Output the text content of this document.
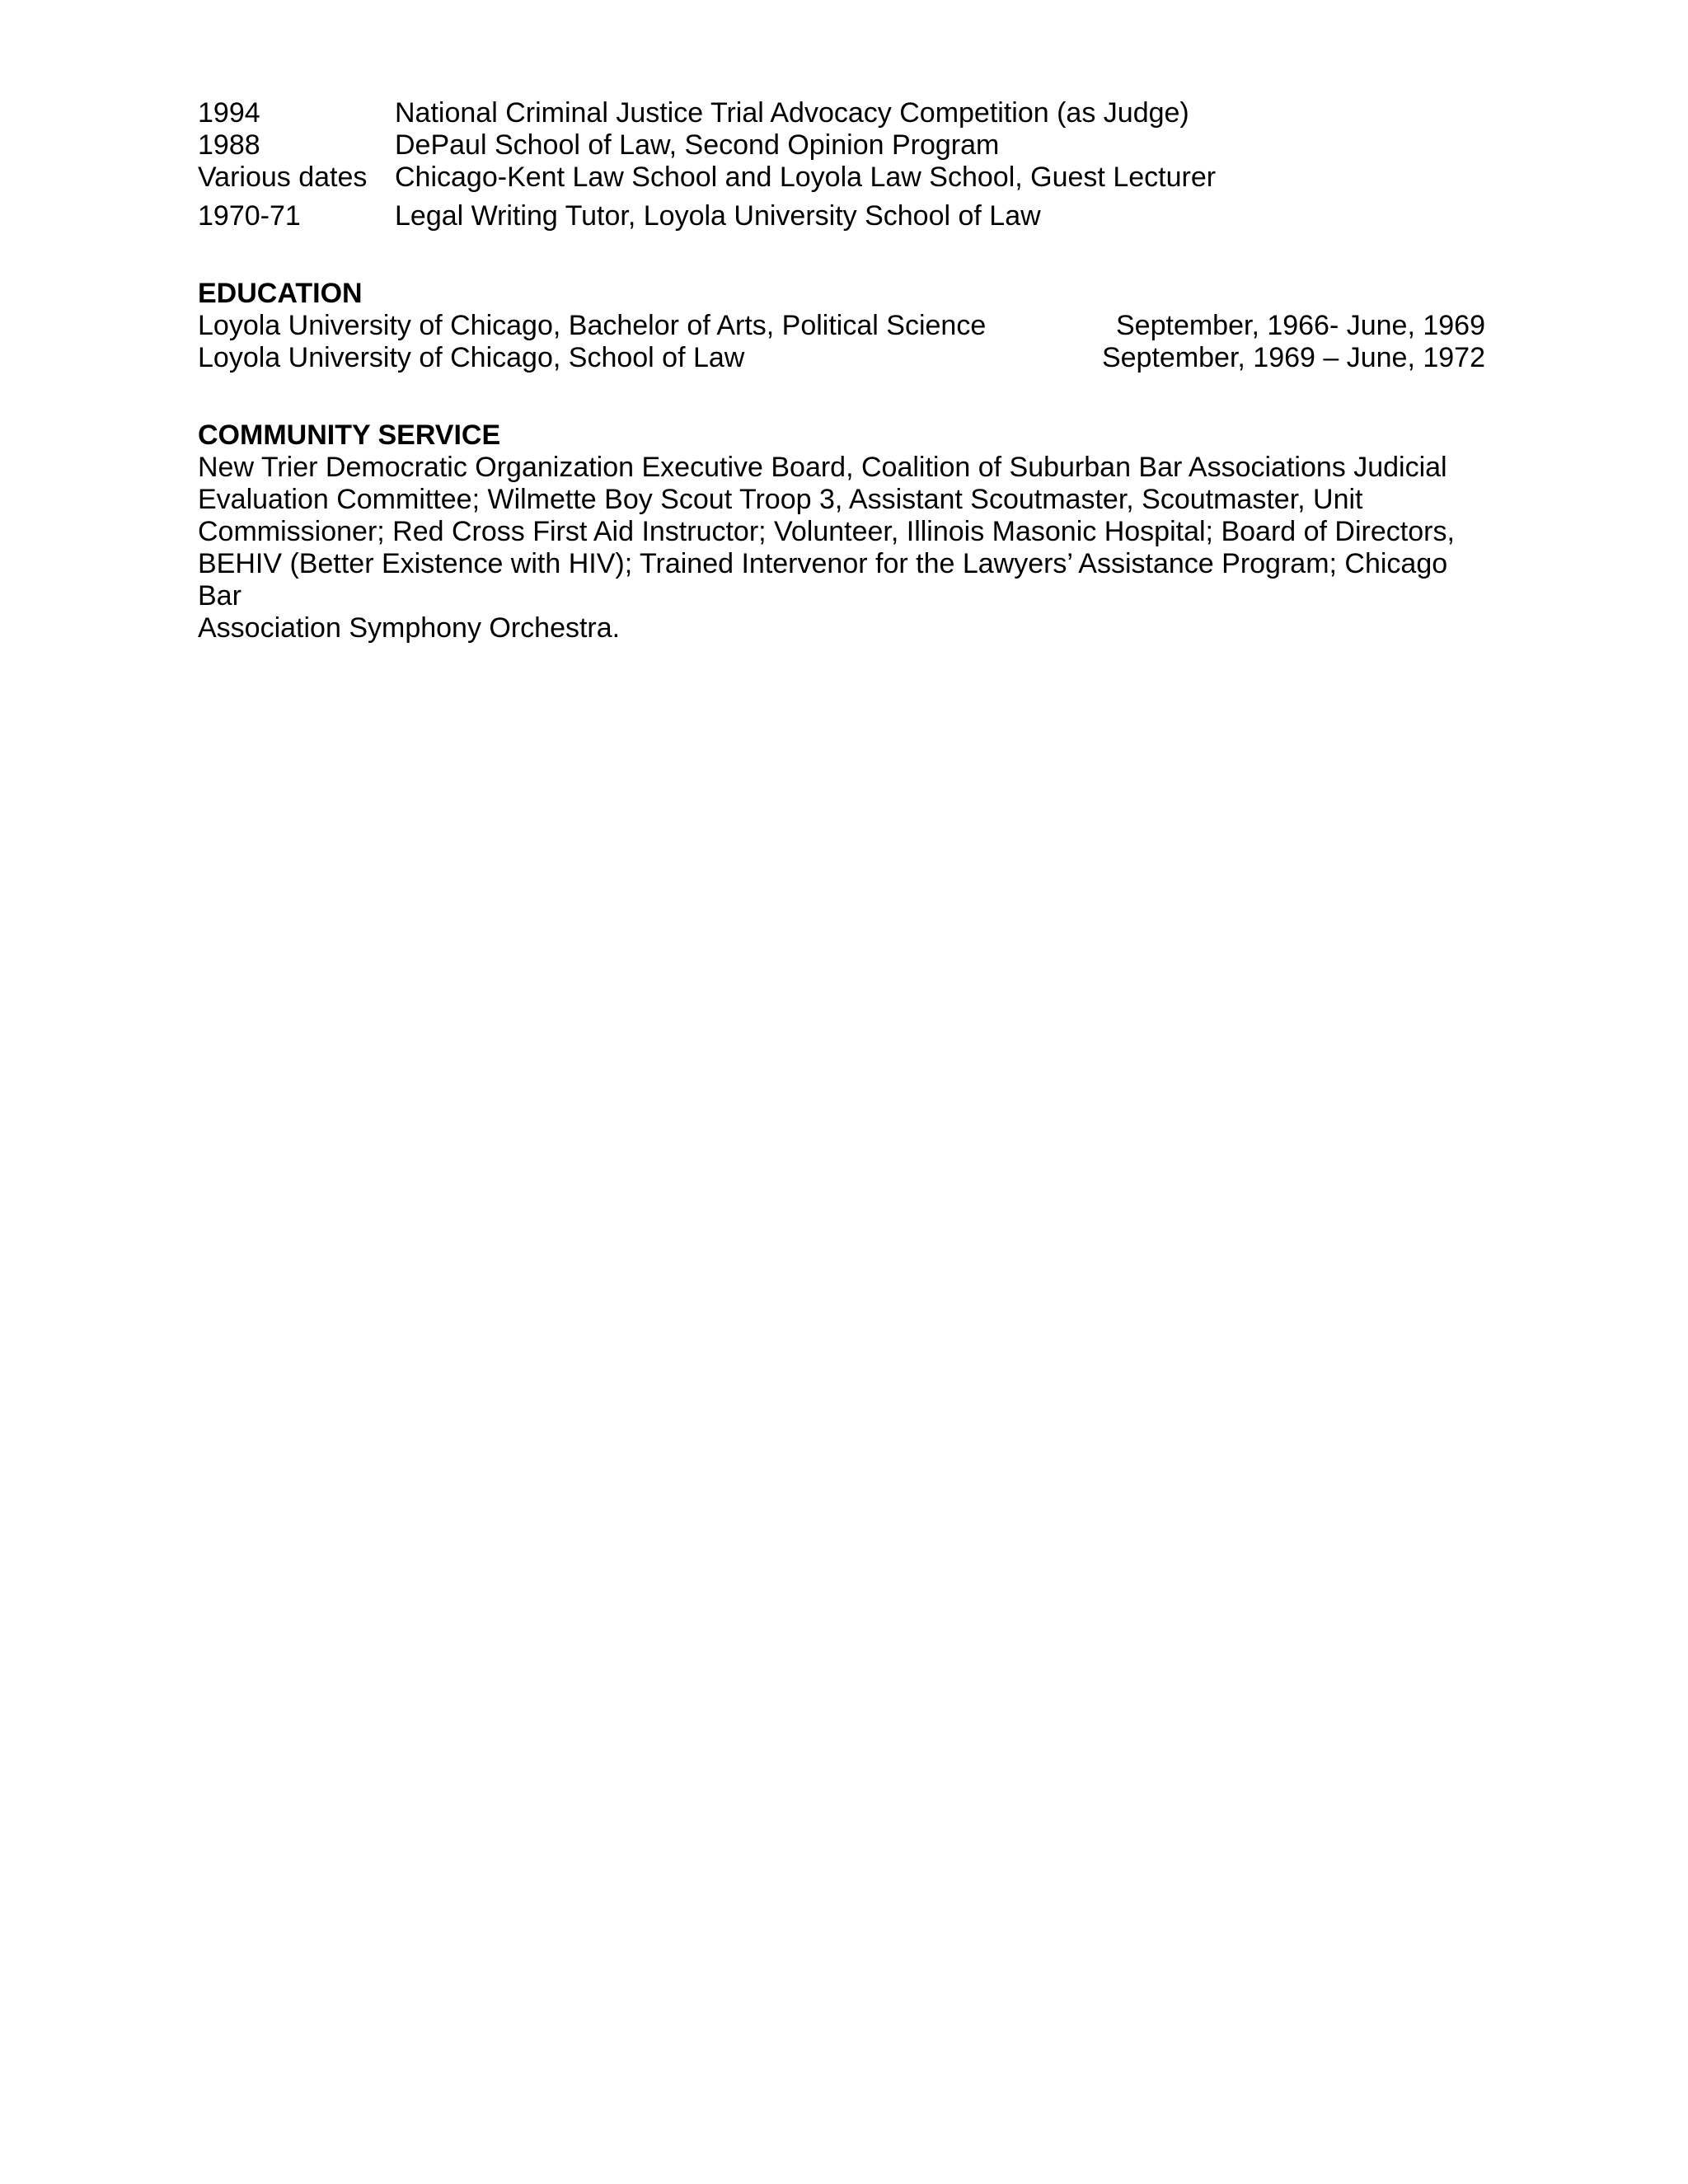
1994	National Criminal Justice Trial Advocacy Competition (as Judge)
1988	DePaul School of Law, Second Opinion Program
Various dates Chicago-Kent Law School and Loyola Law School, Guest Lecturer
1970-71	Legal Writing Tutor, Loyola University School of Law
EDUCATION
Loyola University of Chicago, Bachelor of Arts, Political Science	September, 1966- June, 1969
Loyola University of Chicago, School of Law	September, 1969 – June, 1972
COMMUNITY SERVICE
New Trier Democratic Organization Executive Board, Coalition of Suburban Bar Associations Judicial
Evaluation Committee; Wilmette Boy Scout Troop 3, Assistant Scoutmaster, Scoutmaster, Unit
Commissioner; Red Cross First Aid Instructor; Volunteer, Illinois Masonic Hospital; Board of Directors,
BEHIV (Better Existence with HIV); Trained Intervenor for the Lawyers’ Assistance Program; Chicago Bar
Association Symphony Orchestra.
